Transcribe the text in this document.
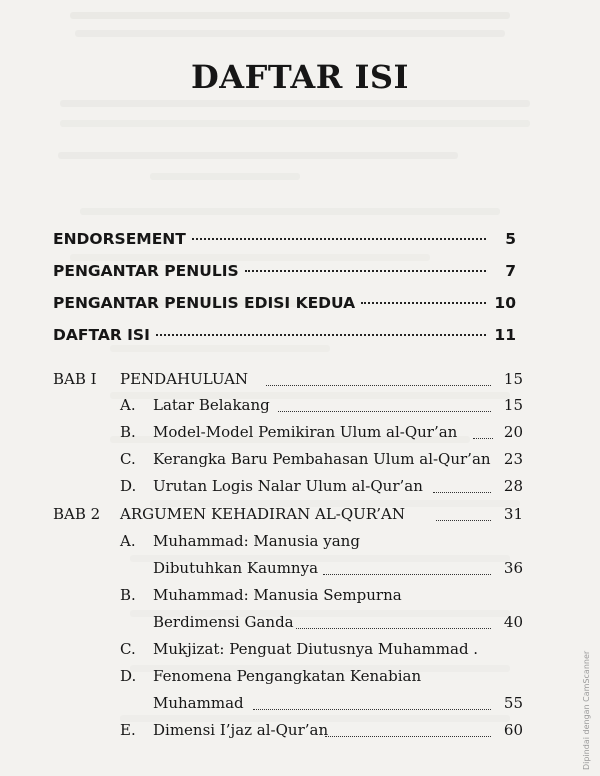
DAFTAR ISI
ENDORSEMENT	5
PENGANTAR PENULIS	7
PENGANTAR PENULIS EDISI KEDUA	10
DAFTAR ISI	11
BAB I	PENDAHULUAN	15
A.	Latar Belakang	15
B.	Model-Model Pemikiran Ulum al-Qur’an	20
C.	Kerangka Baru Pembahasan Ulum al-Qur’an 23
D.	Urutan Logis Nalar Ulum al-Qur’an	28
BAB 2	ARGUMEN KEHADIRAN AL-QUR’AN	31
A.	Muhammad: Manusia yang
Dibutuhkan Kaumnya	36
B.	Muhammad: Manusia Sempurna
Berdimensi Ganda	40
C.	Mukjizat: Penguat Diutusnya Muhammad .
D.	Fenomena Pengangkatan Kenabian
Muhammad	55
E.	Dimensi I’jaz al-Qur’an	60	Dipindai dengan CamScanner
